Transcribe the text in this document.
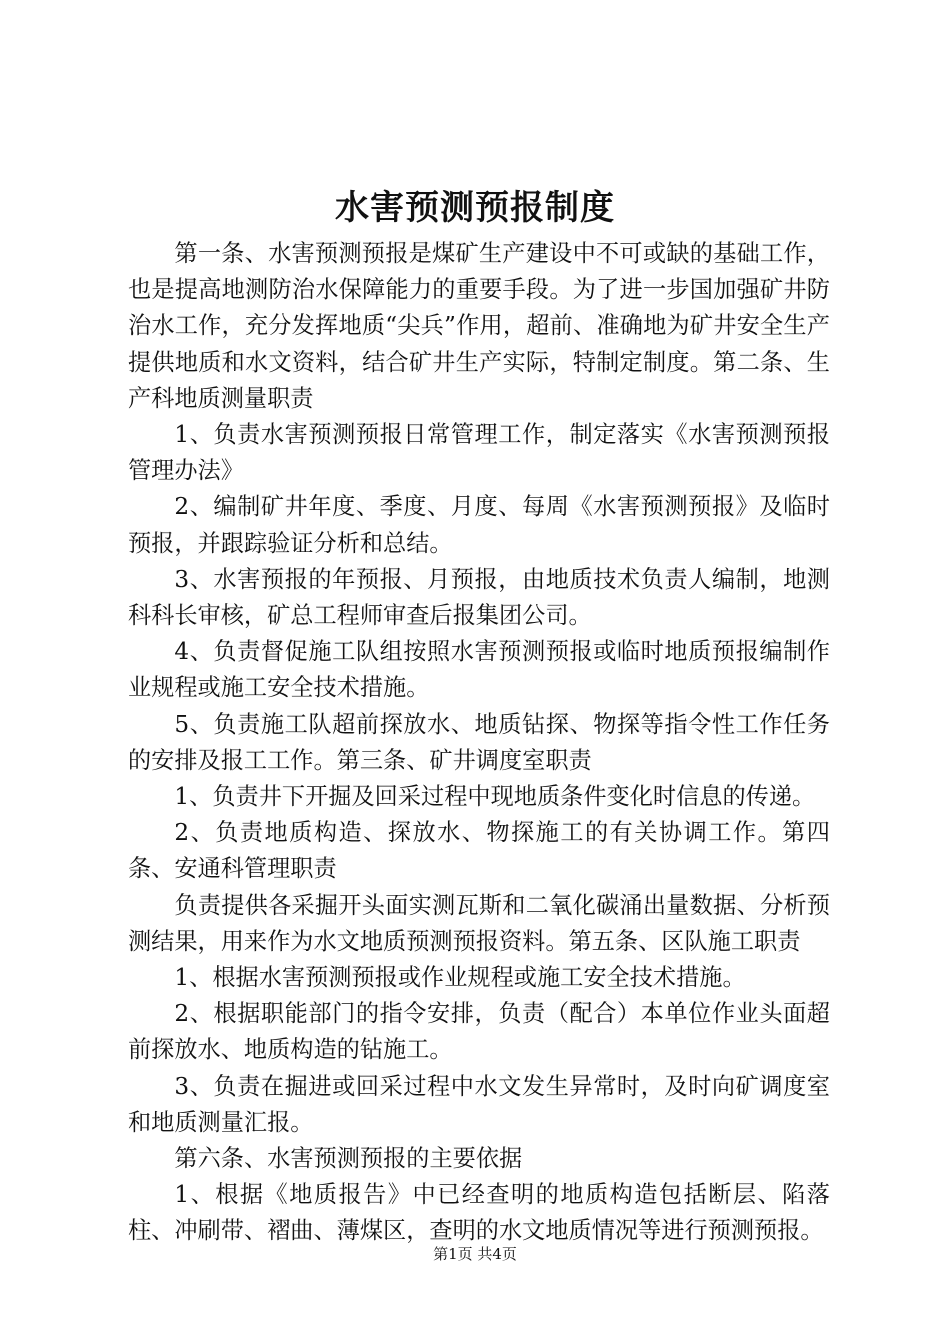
水害预测预报制度

第一条、水害预测预报是煤矿生产建设中不可或缺的基础工作，也是提高地测防治水保障能力的重要手段。为了进一步国加强矿井防治水工作，充分发挥地质“尖兵”作用，超前、准确地为矿井安全生产提供地质和水文资料，结合矿井生产实际，特制定制度。第二条、生产科地质测量职责

1、负责水害预测预报日常管理工作，制定落实《水害预测预报管理办法》

2、编制矿井年度、季度、月度、每周《水害预测预报》及临时预报，并跟踪验证分析和总结。

3、水害预报的年预报、月预报，由地质技术负责人编制，地测科科长审核，矿总工程师审查后报集团公司。

4、负责督促施工队组按照水害预测预报或临时地质预报编制作业规程或施工安全技术措施。

5、负责施工队超前探放水、地质钻探、物探等指令性工作任务的安排及报工工作。第三条、矿井调度室职责

1、负责井下开掘及回采过程中现地质条件变化时信息的传递。

2、负责地质构造、探放水、物探施工的有关协调工作。第四条、安通科管理职责

负责提供各采掘开头面实测瓦斯和二氧化碳涌出量数据、分析预测结果，用来作为水文地质预测预报资料。第五条、区队施工职责

1、根据水害预测预报或作业规程或施工安全技术措施。

2、根据职能部门的指令安排，负责（配合）本单位作业头面超前探放水、地质构造的钻施工。

3、负责在掘进或回采过程中水文发生异常时，及时向矿调度室和地质测量汇报。

第六条、水害预测预报的主要依据

1、根据《地质报告》中已经查明的地质构造包括断层、陷落柱、冲刷带、褶曲、薄煤区，查明的水文地质情况等进行预测预报。

第1页 共4页
